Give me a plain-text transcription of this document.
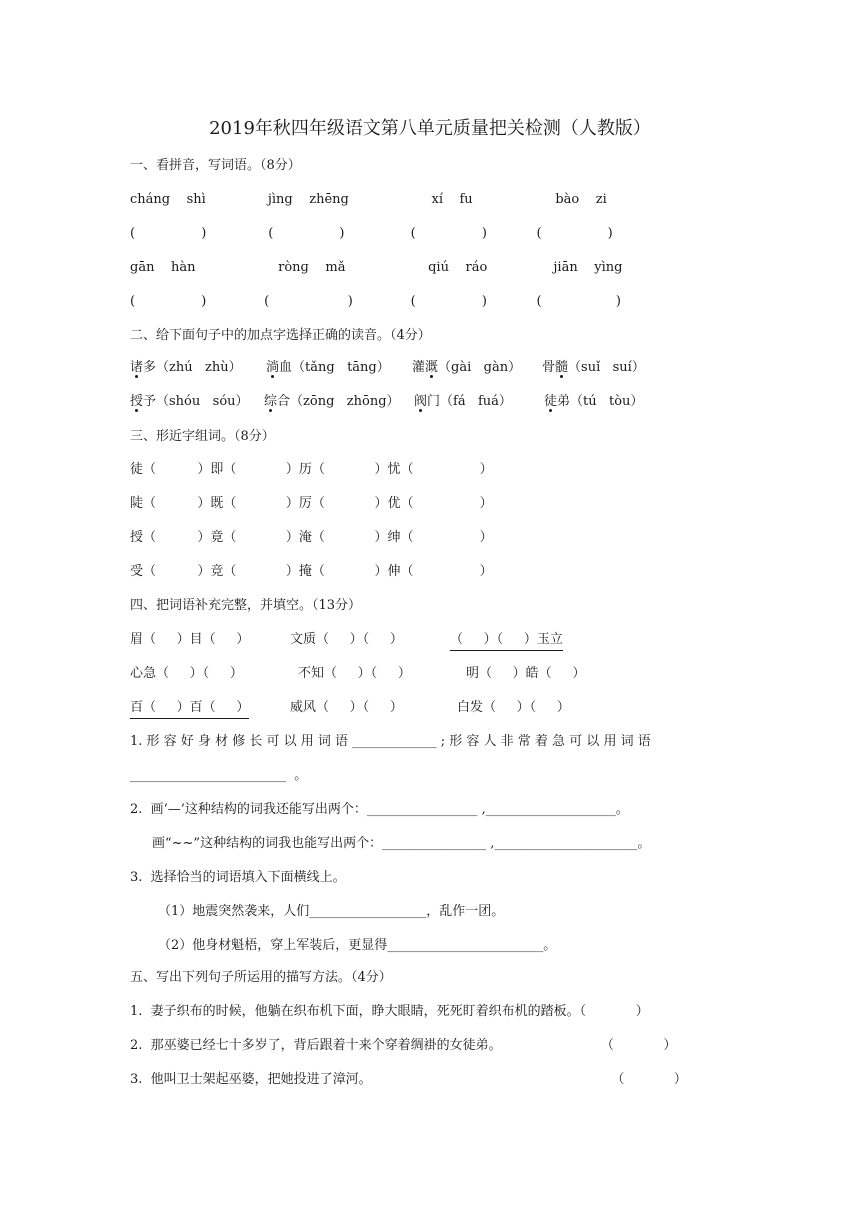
2019年秋四年级语文第八单元质量把关检测（人教版）
一、看拼音，写词语。（8分）
cháng    shì               jìng    zhēng                    xí    fu                    bào    zi
(                )               (                )                (                )            (                )
gān    hàn                    rònɡ    mǎ                    qiú    ráo                jiān    yìng
(                )              (                   )              (                )            (                  )
二、给下面句子中的加点字选择正确的读音。（4分）
诸多（zhú   zhù） 淌血（tǎng   tāng） 灌溉（gài   gàn） 骨髓（suǐ   suí）
授予（shóu   sóu） 综合（zōng   zhōng） 阀门（fá   fuá） 徒弟（tú   tòu）
三、形近字组词。（8分）
徒（          ）即（            ）历（            ）忧（                ）
陡（          ）既（            ）厉（            ）优（                ）
授（          ）竟（            ）淹（            ）绅（                ）
受（          ）竞（            ）掩（            ）伸（                ）
四、把词语补充完整，并填空。（13分）
眉（     ）目（     ）	文质（     ）（     ）	（     ）（     ）玉立
心急（     ）（     ）	不知（     ）（     ）	明（     ）皓（     ）
百（     ）百（     ）	威风（     ）（     ）	白发（     ）（     ）
1. 形 容 好 身 材 修 长 可 以 用 词 语 _____________ ; 形 容 人 非 常 着 急 可 以 用 词 语
________________________  。
2.  画‘—’这种结构的词我还能写出两个：_________________ ,____________________。
画“~~”这种结构的词我也能写出两个：________________ ,______________________。
3.  选择恰当的词语填入下面横线上。
（1）地震突然袭来，人们__________________，乱作一团。
（2）他身材魁梧，穿上军装后，更显得________________________。
五、写出下列句子所运用的描写方法。（4分）
1.  妻子织布的时候，他躺在织布机下面，睁大眼睛，死死盯着织布机的踏板。（            ）
2.  那巫婆已经七十多岁了，背后跟着十来个穿着绸褂的女徒弟。                        （            ）
3.  他叫卫士架起巫婆，把她投进了漳河。                                                          （            ）
